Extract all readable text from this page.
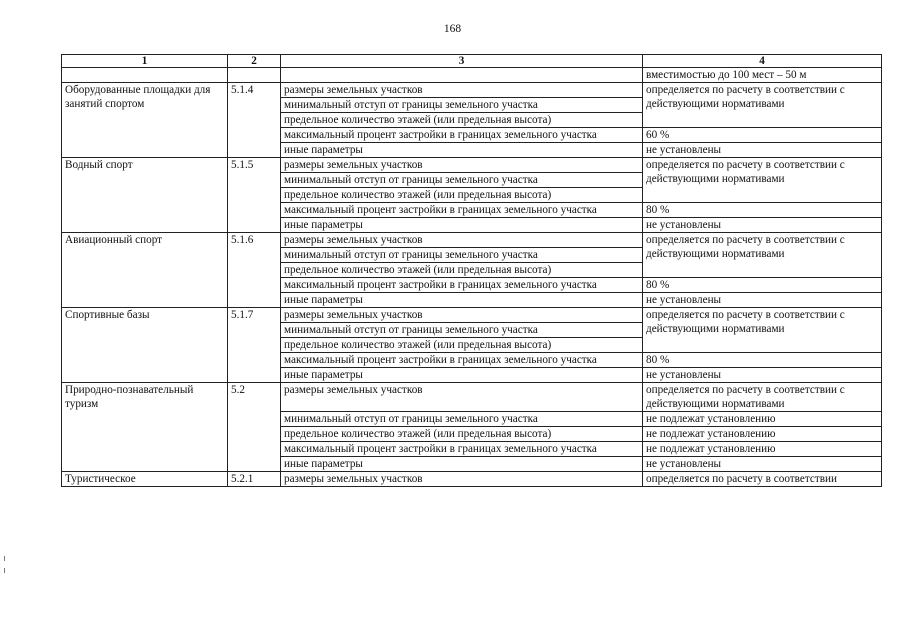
168
1	2	3	4
			вместимостью до 100 мест – 50 м
Оборудованные площадки для занятий спортом	5.1.4	размеры земельных участков	определяется по расчету в соответствии с действующими нормативами
		минимальный отступ от границы земельного участка	
		предельное количество этажей (или предельная высота)	
		максимальный процент застройки в границах земельного участка	60 %
		иные параметры	не установлены
Водный спорт	5.1.5	размеры земельных участков	определяется по расчету в соответствии с действующими нормативами
		минимальный отступ от границы земельного участка	
		предельное количество этажей (или предельная высота)	
		максимальный процент застройки в границах земельного участка	80 %
		иные параметры	не установлены
Авиационный спорт	5.1.6	размеры земельных участков	определяется по расчету в соответствии с действующими нормативами
		минимальный отступ от границы земельного участка	
		предельное количество этажей (или предельная высота)	
		максимальный процент застройки в границах земельного участка	80 %
		иные параметры	не установлены
Спортивные базы	5.1.7	размеры земельных участков	определяется по расчету в соответствии с действующими нормативами
		минимальный отступ от границы земельного участка	
		предельное количество этажей (или предельная высота)	
		максимальный процент застройки в границах земельного участка	80 %
		иные параметры	не установлены
Природно-познавательный туризм	5.2	размеры земельных участков	определяется по расчету в соответствии с действующими нормативами
		минимальный отступ от границы земельного участка	не подлежат установлению
		предельное количество этажей (или предельная высота)	не подлежат установлению
		максимальный процент застройки в границах земельного участка	не подлежат установлению
		иные параметры	не установлены
Туристическое	5.2.1	размеры земельных участков	определяется по расчету в соответствии
